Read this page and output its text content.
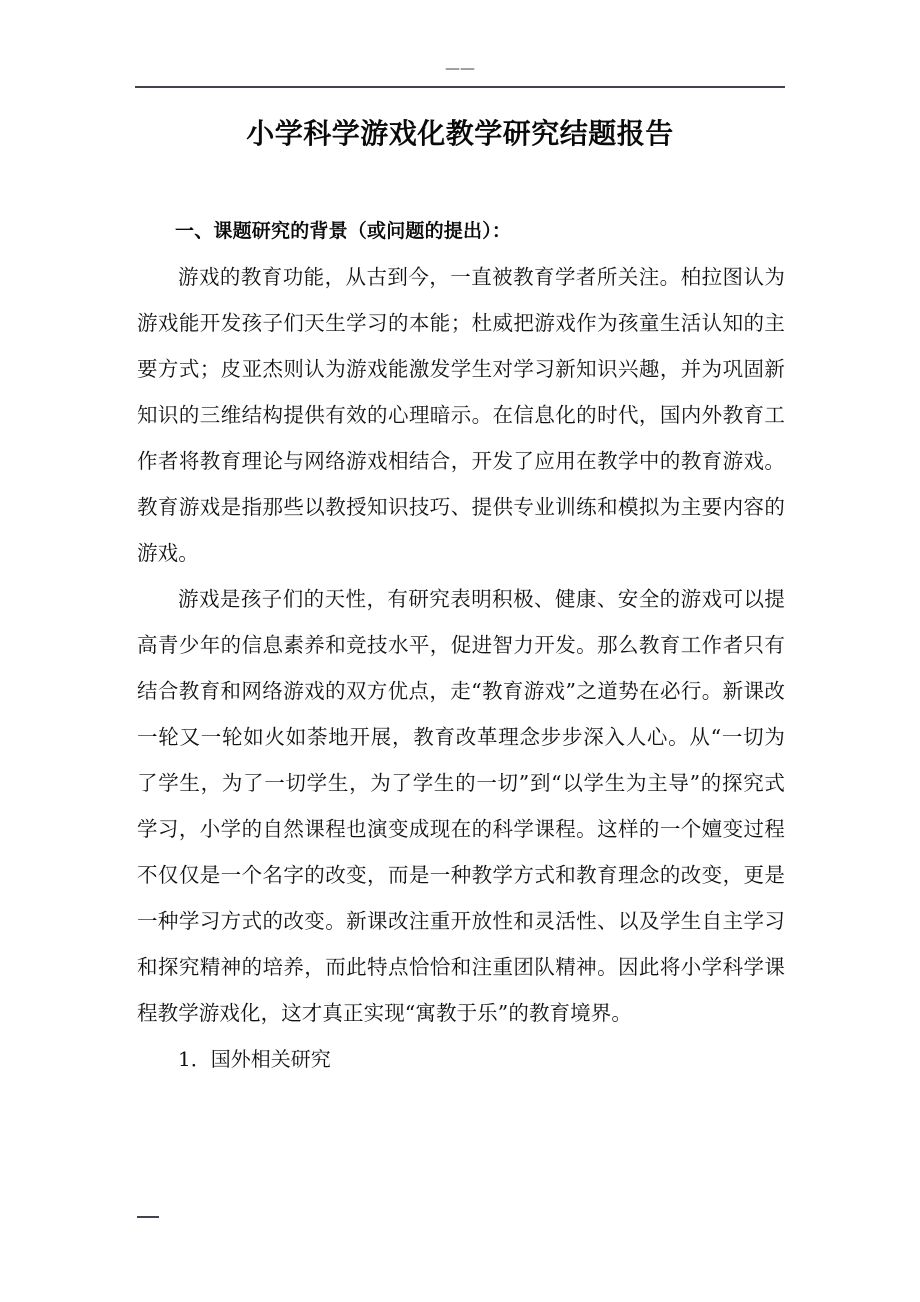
——
小学科学游戏化教学研究结题报告
一、课题研究的背景（或问题的提出）：

游戏的教育功能，从古到今，一直被教育学者所关注。柏拉图认为游戏能开发孩子们天生学习的本能；杜威把游戏作为孩童生活认知的主要方式；皮亚杰则认为游戏能激发学生对学习新知识兴趣，并为巩固新知识的三维结构提供有效的心理暗示。在信息化的时代，国内外教育工作者将教育理论与网络游戏相结合，开发了应用在教学中的教育游戏。教育游戏是指那些以教授知识技巧、提供专业训练和模拟为主要内容的游戏。

游戏是孩子们的天性，有研究表明积极、健康、安全的游戏可以提高青少年的信息素养和竞技水平，促进智力开发。那么教育工作者只有结合教育和网络游戏的双方优点，走“教育游戏”之道势在必行。新课改一轮又一轮如火如荼地开展，教育改革理念步步深入人心。从“一切为了学生，为了一切学生，为了学生的一切”到“以学生为主导”的探究式学习，小学的自然课程也演变成现在的科学课程。这样的一个嬗变过程不仅仅是一个名字的改变，而是一种教学方式和教育理念的改变，更是一种学习方式的改变。新课改注重开放性和灵活性、以及学生自主学习和探究精神的培养，而此特点恰恰和注重团队精神。因此将小学科学课程教学游戏化，这才真正实现“寓教于乐”的教育境界。

1．国外相关研究
